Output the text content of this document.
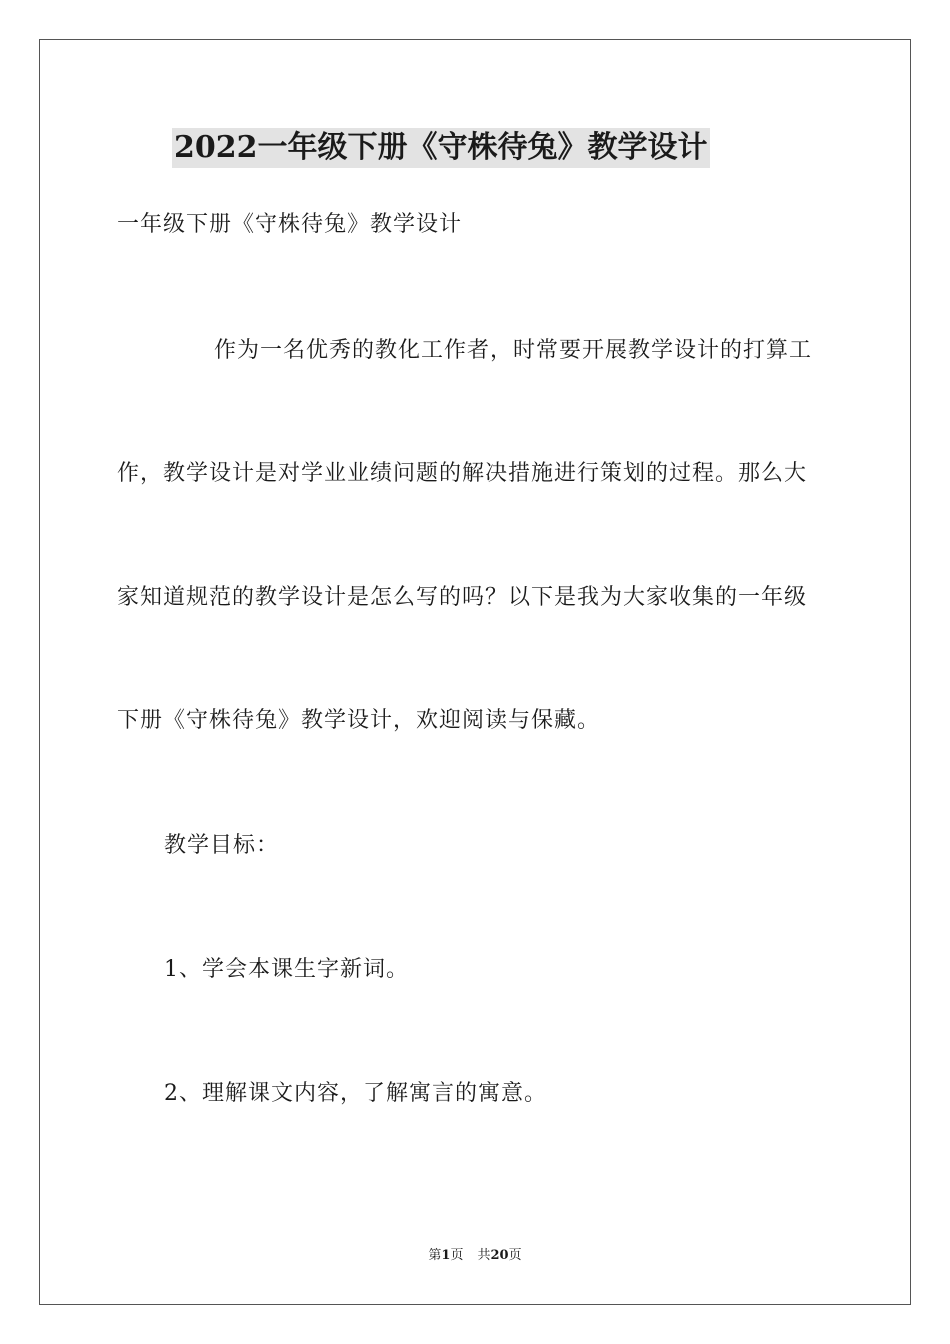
2022一年级下册《守株待兔》教学设计
一年级下册《守株待兔》教学设计
作为一名优秀的教化工作者，时常要开展教学设计的打算工
作，教学设计是对学业业绩问题的解决措施进行策划的过程。那么大
家知道规范的教学设计是怎么写的吗？以下是我为大家收集的一年级
下册《守株待兔》教学设计，欢迎阅读与保藏。
教学目标：
1、学会本课生字新词。
2、理解课文内容，了解寓言的寓意。
第1页 共20页
